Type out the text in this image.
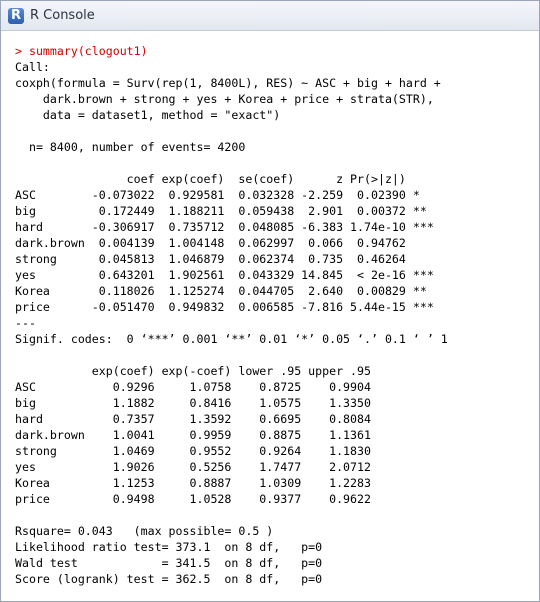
R R Console
> summary(clogout1)
Call:
coxph(formula = Surv(rep(1, 8400L), RES) ~ ASC + big + hard +
dark.brown + strong + yes + Korea + price + strata(STR),
data = dataset1, method = "exact")
n= 8400, number of events= 4200
coef exp(coef)  se(coef)      z Pr(>|z|)
ASC        -0.073022  0.929581  0.032328 -2.259  0.02390 *
big         0.172449  1.188211  0.059438  2.901  0.00372 **
hard       -0.306917  0.735712  0.048085 -6.383 1.74e-10 ***
dark.brown  0.004139  1.004148  0.062997  0.066  0.94762
strong      0.045813  1.046879  0.062374  0.735  0.46264
yes         0.643201  1.902561  0.043329 14.845  < 2e-16 ***
Korea       0.118026  1.125274  0.044705  2.640  0.00829 **
price      -0.051470  0.949832  0.006585 -7.816 5.44e-15 ***
---
Signif. codes:  0 ‘***’ 0.001 ‘**’ 0.01 ‘*’ 0.05 ‘.’ 0.1 ‘ ’ 1
exp(coef) exp(-coef) lower .95 upper .95
ASC           0.9296     1.0758    0.8725    0.9904
big           1.1882     0.8416    1.0575    1.3350
hard          0.7357     1.3592    0.6695    0.8084
dark.brown    1.0041     0.9959    0.8875    1.1361
strong        1.0469     0.9552    0.9264    1.1830
yes           1.9026     0.5256    1.7477    2.0712
Korea         1.1253     0.8887    1.0309    1.2283
price         0.9498     1.0528    0.9377    0.9622
Rsquare= 0.043   (max possible= 0.5 )
Likelihood ratio test= 373.1  on 8 df,   p=0
Wald test            = 341.5  on 8 df,   p=0
Score (logrank) test = 362.5  on 8 df,   p=0
